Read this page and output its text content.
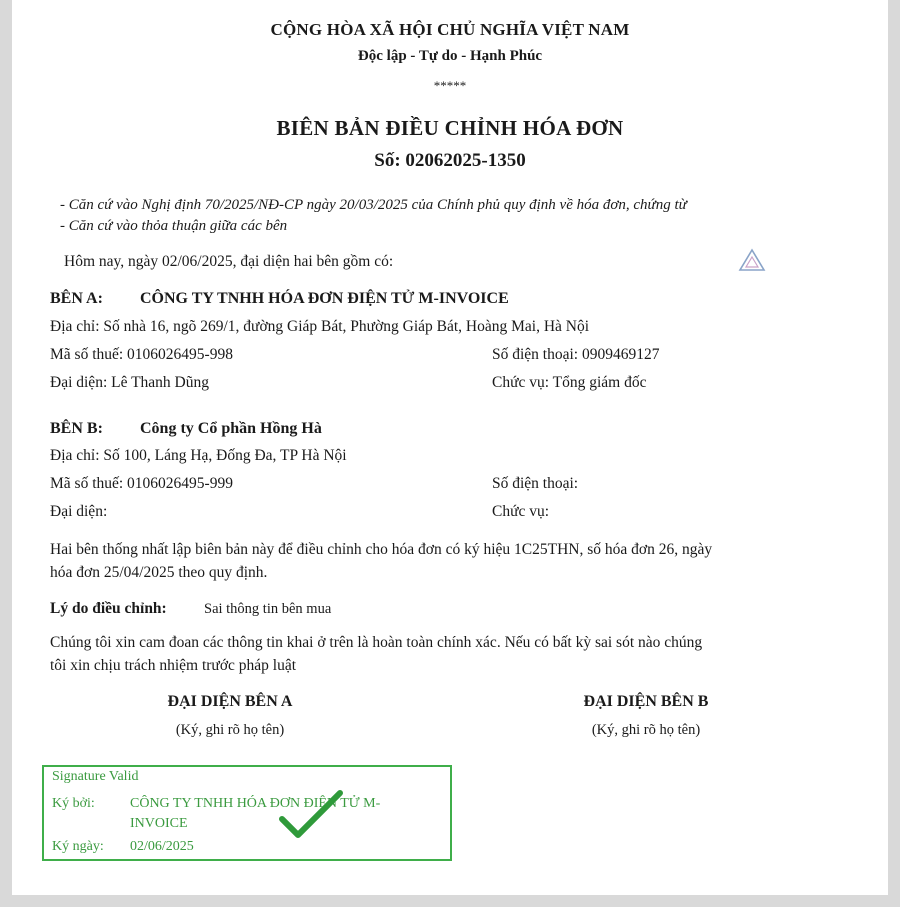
CỘNG HÒA XÃ HỘI CHỦ NGHĨA VIỆT NAM
Độc lập - Tự do - Hạnh Phúc
*****
BIÊN BẢN ĐIỀU CHỈNH HÓA ĐƠN
Số: 02062025-1350
- Căn cứ vào Nghị định 70/2025/NĐ-CP ngày 20/03/2025 của Chính phủ quy định về hóa đơn, chứng từ
- Căn cứ vào thỏa thuận giữa các bên
Hôm nay, ngày 02/06/2025, đại diện hai bên gồm có:
BÊN A: CÔNG TY TNHH HÓA ĐƠN ĐIỆN TỬ M-INVOICE
Địa chỉ: Số nhà 16, ngõ 269/1, đường Giáp Bát, Phường Giáp Bát, Hoàng Mai, Hà Nội
Mã số thuế: 0106026495-998	Số điện thoại: 0909469127
Đại diện: Lê Thanh Dũng	Chức vụ: Tổng giám đốc
BÊN B: Công ty Cổ phần Hồng Hà
Địa chỉ: Số 100, Láng Hạ, Đống Đa, TP Hà Nội
Mã số thuế: 0106026495-999	Số điện thoại:
Đại diện:	Chức vụ:
Hai bên thống nhất lập biên bản này để điều chỉnh cho hóa đơn có ký hiệu 1C25THN, số hóa đơn 26, ngày
hóa đơn 25/04/2025 theo quy định.
Lý do điều chỉnh:	Sai thông tin bên mua
Chúng tôi xin cam đoan các thông tin khai ở trên là hoàn toàn chính xác. Nếu có bất kỳ sai sót nào chúng
tôi xin chịu trách nhiệm trước pháp luật
ĐẠI DIỆN BÊN A
(Ký, ghi rõ họ tên)
ĐẠI DIỆN BÊN B
(Ký, ghi rõ họ tên)
Signature Valid
Ký bởi:	CÔNG TY TNHH HÓA ĐƠN ĐIỆN TỬ M-
INVOICE
Ký ngày: 02/06/2025
